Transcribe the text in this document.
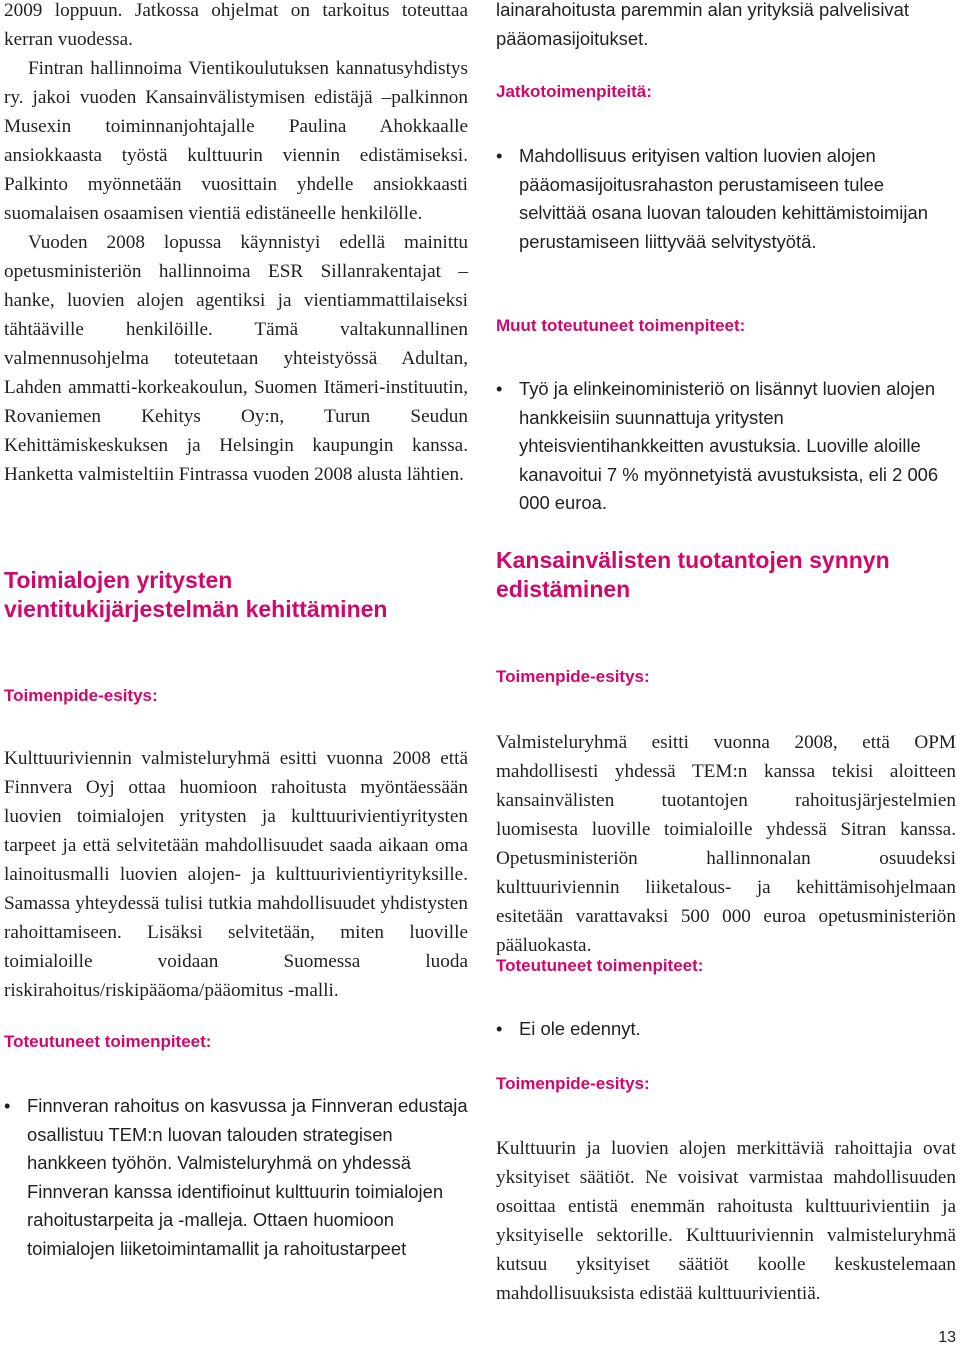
2009 loppuun. Jatkossa ohjelmat on tarkoitus toteuttaa kerran vuodessa.

Fintran hallinnoima Vientikoulutuksen kannatusyhdistys ry. jakoi vuoden Kansainvälistymisen edistäjä –palkinnon Musexin toiminnanjohtajalle Paulina Ahokkaalle ansiokkaasta työstä kulttuurin viennin edistämiseksi. Palkinto myönnetään vuosittain yhdelle ansiokkaasti suomalaisen osaamisen vientiä edistäneelle henkilölle.

Vuoden 2008 lopussa käynnistyi edellä mainittu opetusministeriön hallinnoima ESR Sillanrakentajat –hanke, luovien alojen agentiksi ja vientiammattilaiseksi tähtääville henkilöille. Tämä valtakunnallinen valmennusohjelma toteutetaan yhteistyössä Adultan, Lahden ammatti-korkeakoulun, Suomen Itämeri-instituutin, Rovaniemen Kehitys Oy:n, Turun Seudun Kehittämiskeskuksen ja Helsingin kaupungin kanssa. Hanketta valmisteltiin Fintrassa vuoden 2008 alusta lähtien.

Toimialojen yritysten vientitukijärjestelmän kehittäminen
Toimenpide-esitys:

Kulttuuriviennin valmisteluryhmä esitti vuonna 2008 että Finnvera Oyj ottaa huomioon rahoitusta myöntäessään luovien toimialojen yritysten ja kulttuurivientiyritysten tarpeet ja että selvitetään mahdollisuudet saada aikaan oma lainoitusmalli luovien alojen- ja kulttuurivientiyrityksille. Samassa yhteydessä tulisi tutkia mahdollisuudet yhdistysten rahoittamiseen. Lisäksi selvitetään, miten luoville toimialoille voidaan Suomessa luoda riskirahoitus/riskipääoma/pääomitus -malli.

Toteutuneet toimenpiteet:
• Finnveran rahoitus on kasvussa ja Finnveran edustaja osallistuu TEM:n luovan talouden strategisen hankkeen työhön. Valmisteluryhmä on yhdessä Finnveran kanssa identifioinut kulttuurin toimialojen rahoitustarpeita ja -malleja. Ottaen huomioon toimialojen liiketoimintamallit ja rahoitustarpeet

lainarahoitusta paremmin alan yrityksiä palvelisivat pääomasijoitukset.

Jatkotoimenpiteitä:
• Mahdollisuus erityisen valtion luovien alojen pääomasijoitusrahaston perustamiseen tulee selvittää osana luovan talouden kehittämistoimijan perustamiseen liittyvää selvitystyötä.
Muut toteutuneet toimenpiteet:
• Työ ja elinkeinoministeriö on lisännyt luovien alojen hankkeisiin suunnattuja yritysten yhteisvientihankkeitten avustuksia. Luoville aloille kanavoitui 7 % myönnetyistä avustuksista, eli 2 006 000 euroa.
Kansainvälisten tuotantojen synnyn edistäminen
Toimenpide-esitys:

Valmisteluryhmä esitti vuonna 2008, että OPM mahdollisesti yhdessä TEM:n kanssa tekisi aloitteen kansainvälisten tuotantojen rahoitusjärjestelmien luomisesta luoville toimialoille yhdessä Sitran kanssa. Opetusministeriön hallinnonalan osuudeksi kulttuuriviennin liiketalous- ja kehittämisohjelmaan esitetään varattavaksi 500 000 euroa opetusministeriön pääluokasta.

Toteutuneet toimenpiteet:
• Ei ole edennyt.
Toimenpide-esitys:

Kulttuurin ja luovien alojen merkittäviä rahoittajia ovat yksityiset säätiöt. Ne voisivat varmistaa mahdollisuuden osoittaa entistä enemmän rahoitusta kulttuurivientiin ja yksityiselle sektorille. Kulttuuriviennin valmisteluryhmä kutsuu yksityiset säätiöt koolle keskustelemaan mahdollisuuksista edistää kulttuurivientiä.

13
